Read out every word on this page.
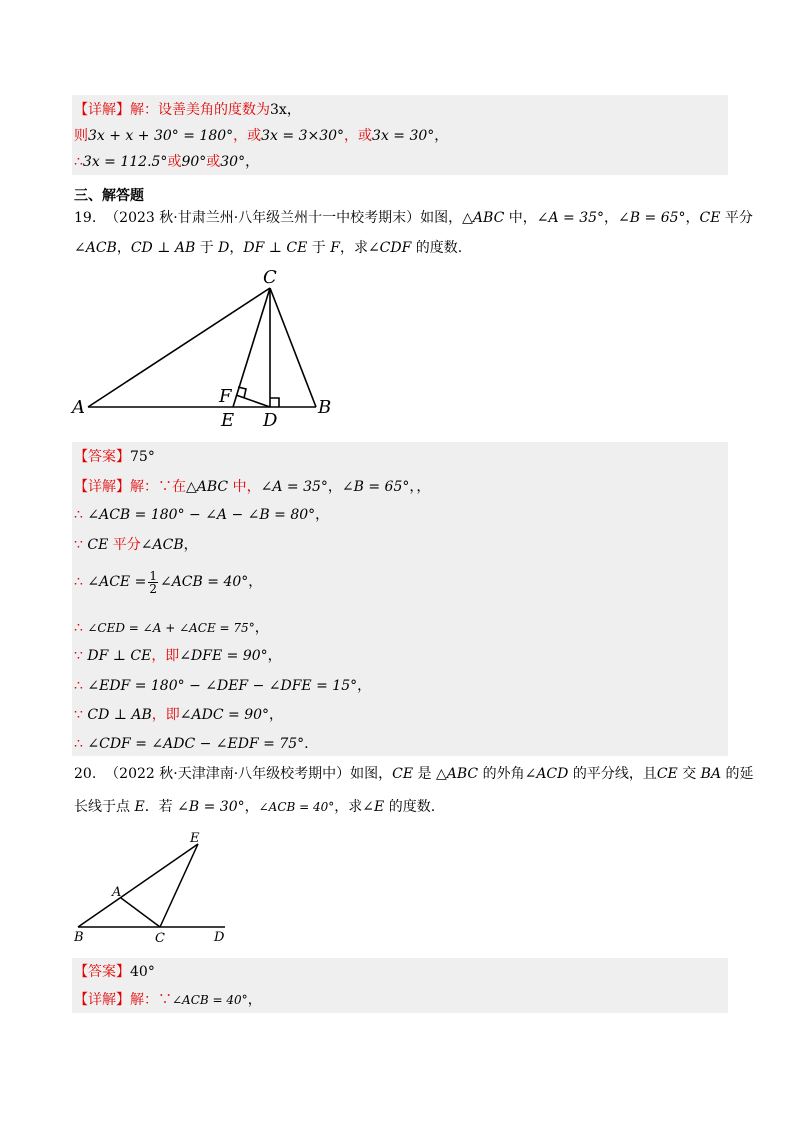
【详解】解：设善美角的度数为3x，
则3x + x + 30° = 180°，或3x = 3×30°，或3x = 30°，
∴3x = 112.5°或90°或30°，
三、解答题
19. （2023 秋·甘肃兰州·八年级兰州十一中校考期末）如图，△ABC 中，∠A = 35°，∠B = 65°，CE 平分
∠ACB，CD ⊥ AB 于 D，DF ⊥ CE 于 F，求∠CDF 的度数.
C
A	B
F
E D
【答案】75°
【详解】解：∵在△ABC 中，∠A = 35°，∠B = 65°，，
∴ ∠ACB = 180° − ∠A − ∠B = 80°，
∵ CE 平分∠ACB，
∴ ∠ACE = $\frac{1}{2}$ ∠ACB = 40°，
∴ ∠CED = ∠A + ∠ACE = 75°，
∵ DF ⊥ CE，即∠DFE = 90°，
∴ ∠EDF = 180° − ∠DEF − ∠DFE = 15°，
∵ CD ⊥ AB，即∠ADC = 90°，
∴ ∠CDF = ∠ADC − ∠EDF = 75°.
20. （2022 秋·天津津南·八年级校考期中）如图，CE 是 △ABC 的外角∠ACD 的平分线，且CE 交 BA 的延
长线于点 E．若 ∠B = 30°，∠ACB = 40°，求∠E 的度数.
E
A
B	C	D
【答案】40°
【详解】解：∵∠ACB = 40°，
